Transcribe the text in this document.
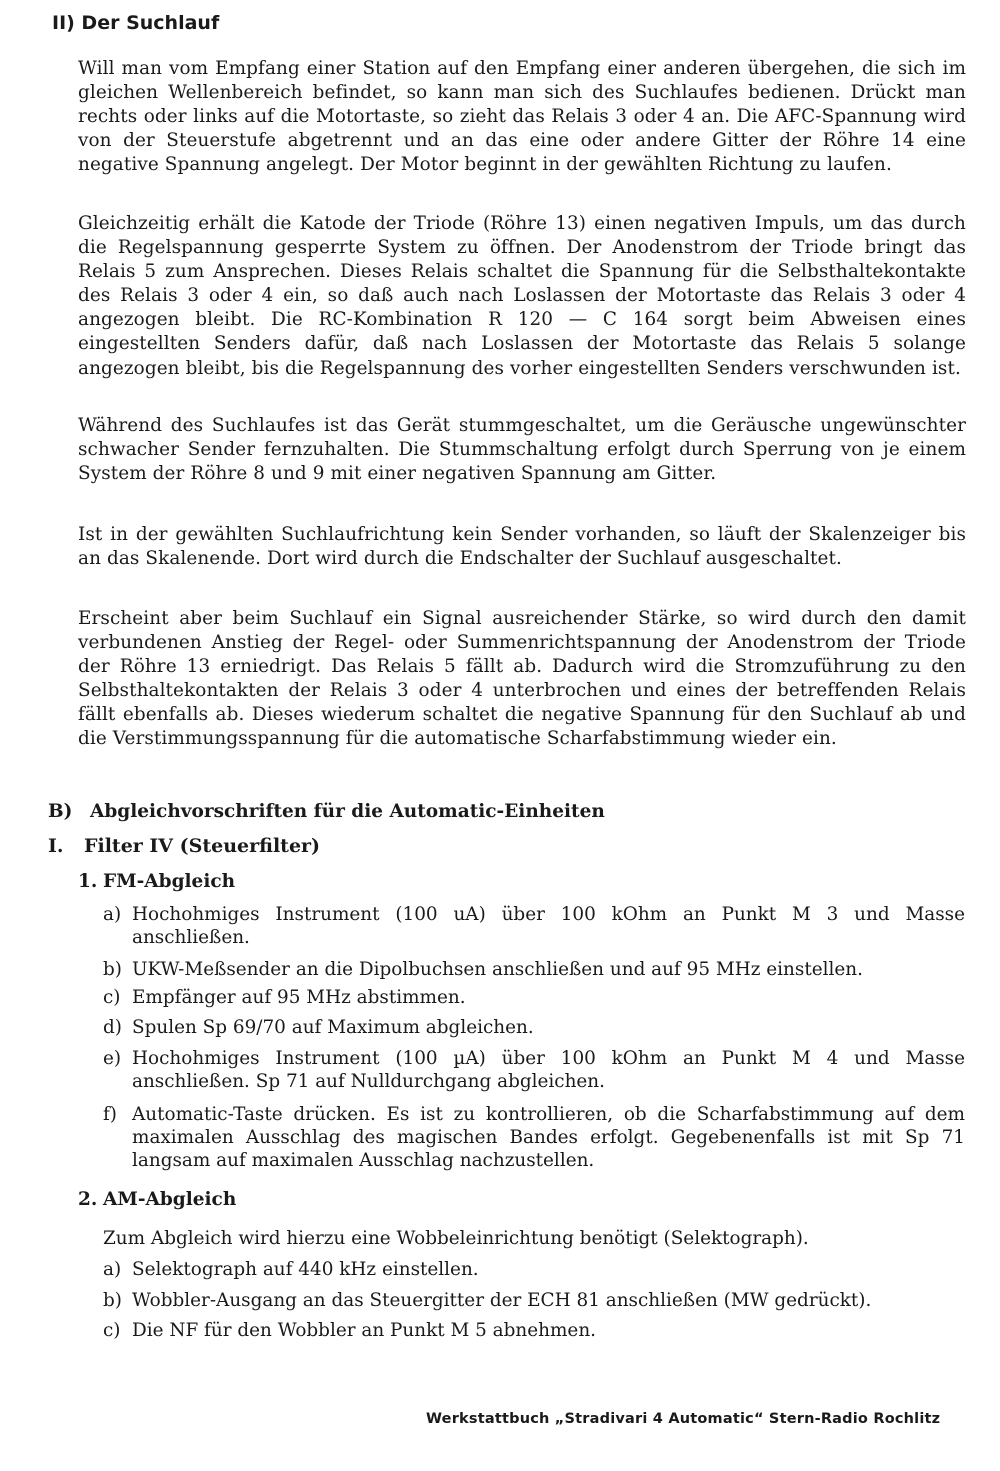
II) Der Suchlauf

Will man vom Empfang einer Station auf den Empfang einer anderen übergehen, die sich im gleichen Wellenbereich befindet, so kann man sich des Suchlaufes bedienen. Drückt man rechts oder links auf die Motortaste, so zieht das Relais 3 oder 4 an. Die AFC-Spannung wird von der Steuerstufe abgetrennt und an das eine oder andere Gitter der Röhre 14 eine negative Spannung angelegt. Der Motor beginnt in der gewählten Richtung zu laufen.

Gleichzeitig erhält die Katode der Triode (Röhre 13) einen negativen Impuls, um das durch die Regelspannung gesperrte System zu öffnen. Der Anodenstrom der Triode bringt das Relais 5 zum Ansprechen. Dieses Relais schaltet die Spannung für die Selbsthaltekontakte des Relais 3 oder 4 ein, so daß auch nach Loslassen der Motortaste das Relais 3 oder 4 angezogen bleibt. Die RC-Kombination R 120 — C 164 sorgt beim Abweisen eines eingestellten Senders dafür, daß nach Loslassen der Motortaste das Relais 5 solange angezogen bleibt, bis die Regelspannung des vorher eingestellten Senders verschwunden ist.

Während des Suchlaufes ist das Gerät stummgeschaltet, um die Geräusche ungewünschter schwacher Sender fernzuhalten. Die Stummschaltung erfolgt durch Sperrung von je einem System der Röhre 8 und 9 mit einer negativen Spannung am Gitter.

Ist in der gewählten Suchlaufrichtung kein Sender vorhanden, so läuft der Skalenzeiger bis an das Skalenende. Dort wird durch die Endschalter der Suchlauf ausgeschaltet.

Erscheint aber beim Suchlauf ein Signal ausreichender Stärke, so wird durch den damit verbundenen Anstieg der Regel- oder Summenrichtspannung der Anodenstrom der Triode der Röhre 13 erniedrigt. Das Relais 5 fällt ab. Dadurch wird die Stromzuführung zu den Selbsthaltekontakten der Relais 3 oder 4 unterbrochen und eines der betreffenden Relais fällt ebenfalls ab. Dieses wiederum schaltet die negative Spannung für den Suchlauf ab und die Verstimmungsspannung für die automatische Scharfabstimmung wieder ein.

B) Abgleichvorschriften für die Automatic-Einheiten
I. Filter IV (Steuerfilter)
1. FM-Abgleich
a) Hochohmiges Instrument (100 uA) über 100 kOhm an Punkt M 3 und Masse anschließen.
b) UKW-Meßsender an die Dipolbuchsen anschließen und auf 95 MHz einstellen.
c) Empfänger auf 95 MHz abstimmen.
d) Spulen Sp 69/70 auf Maximum abgleichen.
e) Hochohmiges Instrument (100 µA) über 100 kOhm an Punkt M 4 und Masse anschließen. Sp 71 auf Nulldurchgang abgleichen.
f) Automatic-Taste drücken. Es ist zu kontrollieren, ob die Scharfabstimmung auf dem maximalen Ausschlag des magischen Bandes erfolgt. Gegebenenfalls ist mit Sp 71 langsam auf maximalen Ausschlag nachzustellen.
2. AM-Abgleich

Zum Abgleich wird hierzu eine Wobbeleinrichtung benötigt (Selektograph).

a) Selektograph auf 440 kHz einstellen.
b) Wobbler-Ausgang an das Steuergitter der ECH 81 anschließen (MW gedrückt).
c) Die NF für den Wobbler an Punkt M 5 abnehmen.

Werkstattbuch „Stradivari 4 Automatic“ Stern-Radio Rochlitz
